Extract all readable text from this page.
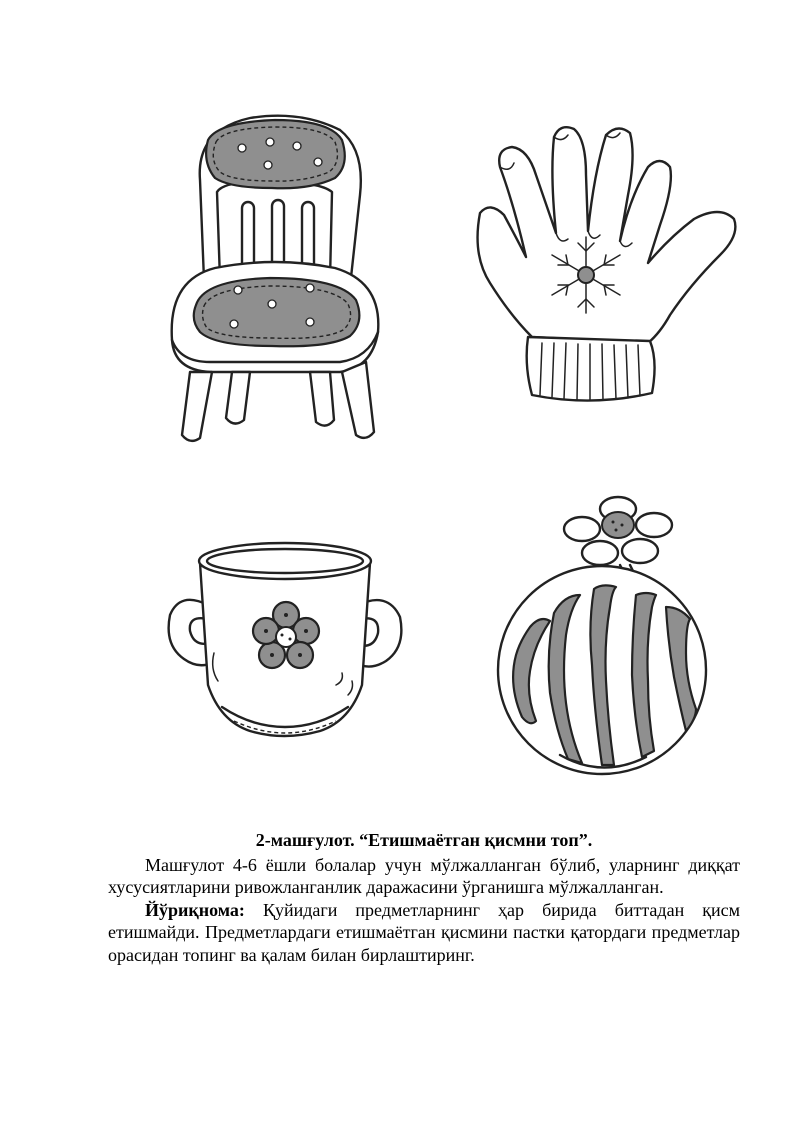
2-машғулот. “Етишмаётган қисмни топ”.

Машғулот 4-6 ёшли болалар учун мўлжалланган бўлиб, уларнинг диққат хусусиятларини ривожланганлик даражасини ўрганишга мўлжалланган.

Йўриқнома: Қуйидаги предметларнинг ҳар бирида биттадан қисм етишмайди. Предметлардаги етишмаётган қисмини пастки қатордаги предметлар орасидан топинг ва қалам билан бирлаштиринг.
